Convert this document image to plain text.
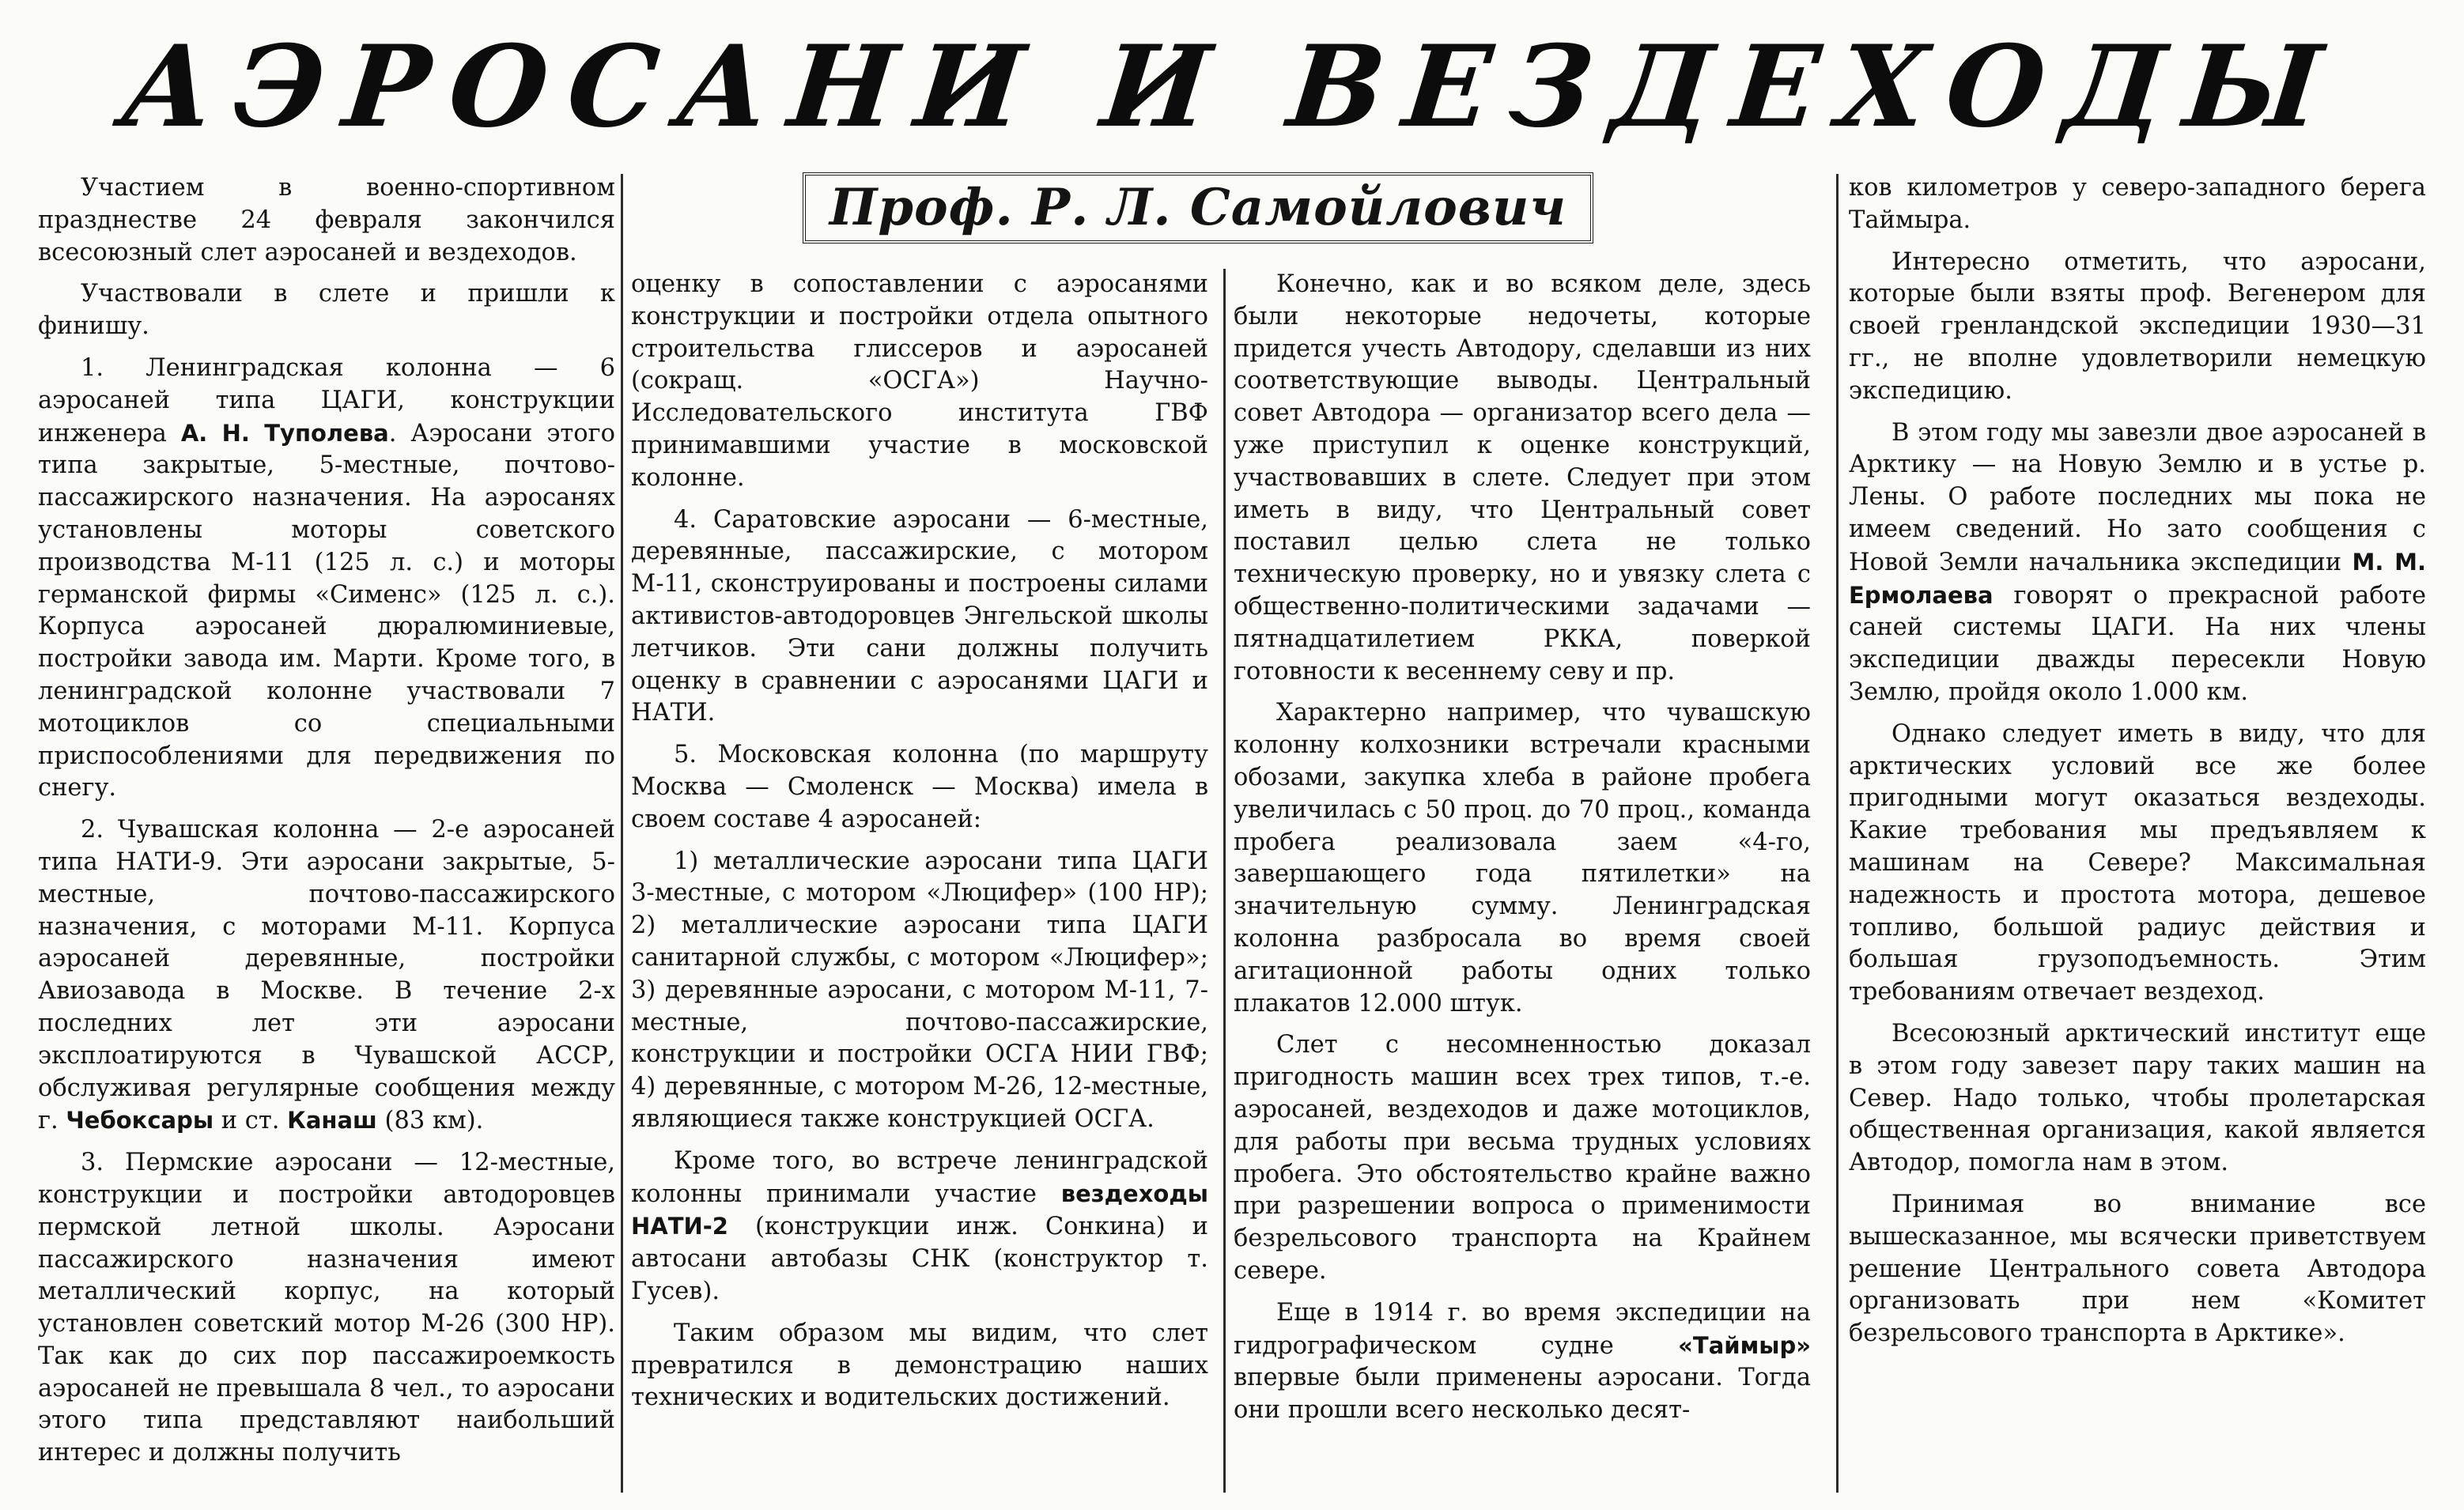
АЭРОСАНИ И ВЕЗДЕХОДЫ
Проф. Р. Л. Самойлович

Участием в военно-спортивном празднестве 24 февраля закончился всесоюзный слет аэросаней и вездеходов.

Участвовали в слете и пришли к финишу.

1. Ленинградская колонна — 6 аэросаней типа ЦАГИ, конструкции инженера А. Н. Туполева. Аэросани этого типа закрытые, 5-местные, почтово-пассажирского назначения. На аэросанях установлены моторы советского производства М-11 (125 л. с.) и моторы германской фирмы «Сименс» (125 л. с.). Корпуса аэросаней дюралюминиевые, постройки завода им. Марти. Кроме того, в ленинградской колонне участвовали 7 мотоциклов со специальными приспособлениями для передвижения по снегу.

2. Чувашская колонна — 2-е аэросаней типа НАТИ-9. Эти аэросани закрытые, 5-местные, почтово-пассажирского назначения, с моторами М-11. Корпуса аэросаней деревянные, постройки Авиозавода в Москве. В течение 2-х последних лет эти аэросани эксплоатируются в Чувашской АССР, обслуживая регулярные сообщения между г. Чебоксары и ст. Канаш (83 км).

3. Пермские аэросани — 12-местные, конструкции и постройки автодоровцев пермской летной школы. Аэросани пассажирского назначения имеют металлический корпус, на который установлен советский мотор М-26 (300 НР). Так как до сих пор пассажироемкость аэросаней не превышала 8 чел., то аэросани этого типа представляют наибольший интерес и должны получить

оценку в сопоставлении с аэросанями конструкции и постройки отдела опытного строительства глиссеров и аэросаней (сокращ. «ОСГА») Научно-Исследовательского института ГВФ принимавшими участие в московской колонне.

4. Саратовские аэросани — 6-местные, деревянные, пассажирские, с мотором М-11, сконструированы и построены силами активистов-автодоровцев Энгельской школы летчиков. Эти сани должны получить оценку в сравнении с аэросанями ЦАГИ и НАТИ.

5. Московская колонна (по маршруту Москва — Смоленск — Москва) имела в своем составе 4 аэросаней:

1) металлические аэросани типа ЦАГИ 3-местные, с мотором «Люцифер» (100 НР); 2) металлические аэросани типа ЦАГИ санитарной службы, с мотором «Люцифер»; 3) деревянные аэросани, с мотором М-11, 7-местные, почтово-пассажирские, конструкции и постройки ОСГА НИИ ГВФ; 4) деревянные, с мотором М-26, 12-местные, являющиеся также конструкцией ОСГА.

Кроме того, во встрече ленинградской колонны принимали участие вездеходы НАТИ-2 (конструкции инж. Сонкина) и автосани автобазы СНК (конструктор т. Гусев).

Таким образом мы видим, что слет превратился в демонстрацию наших технических и водительских достижений.

Конечно, как и во всяком деле, здесь были некоторые недочеты, которые придется учесть Автодору, сделавши из них соответствующие выводы. Центральный совет Автодора — организатор всего дела — уже приступил к оценке конструкций, участвовавших в слете. Следует при этом иметь в виду, что Центральный совет поставил целью слета не только техническую проверку, но и увязку слета с общественно-политическими задачами — пятнадцатилетием РККА, поверкой готовности к весеннему севу и пр.

Характерно например, что чувашскую колонну колхозники встречали красными обозами, закупка хлеба в районе пробега увеличилась с 50 проц. до 70 проц., команда пробега реализовала заем «4-го, завершающего года пятилетки» на значительную сумму. Ленинградская колонна разбросала во время своей агитационной работы одних только плакатов 12.000 штук.

Слет с несомненностью доказал пригодность машин всех трех типов, т.-е. аэросаней, вездеходов и даже мотоциклов, для работы при весьма трудных условиях пробега. Это обстоятельство крайне важно при разрешении вопроса о применимости безрельсового транспорта на Крайнем севере.

Еще в 1914 г. во время экспедиции на гидрографическом судне «Таймыр» впервые были применены аэросани. Тогда они прошли всего несколько десят-

ков километров у северо-западного берега Таймыра.

Интересно отметить, что аэросани, которые были взяты проф. Вегенером для своей гренландской экспедиции 1930—31 гг., не вполне удовлетворили немецкую экспедицию.

В этом году мы завезли двое аэросаней в Арктику — на Новую Землю и в устье р. Лены. О работе последних мы пока не имеем сведений. Но зато сообщения с Новой Земли начальника экспедиции М. М. Ермолаева говорят о прекрасной работе саней системы ЦАГИ. На них члены экспедиции дважды пересекли Новую Землю, пройдя около 1.000 км.

Однако следует иметь в виду, что для арктических условий все же более пригодными могут оказаться вездеходы. Какие требования мы предъявляем к машинам на Севере? Максимальная надежность и простота мотора, дешевое топливо, большой радиус действия и большая грузоподъемность. Этим требованиям отвечает вездеход.

Всесоюзный арктический институт еще в этом году завезет пару таких машин на Север. Надо только, чтобы пролетарская общественная организация, какой является Автодор, помогла нам в этом.

Принимая во внимание все вышесказанное, мы всячески приветствуем решение Центрального совета Автодора организовать при нем «Комитет безрельсового транспорта в Арктике».
